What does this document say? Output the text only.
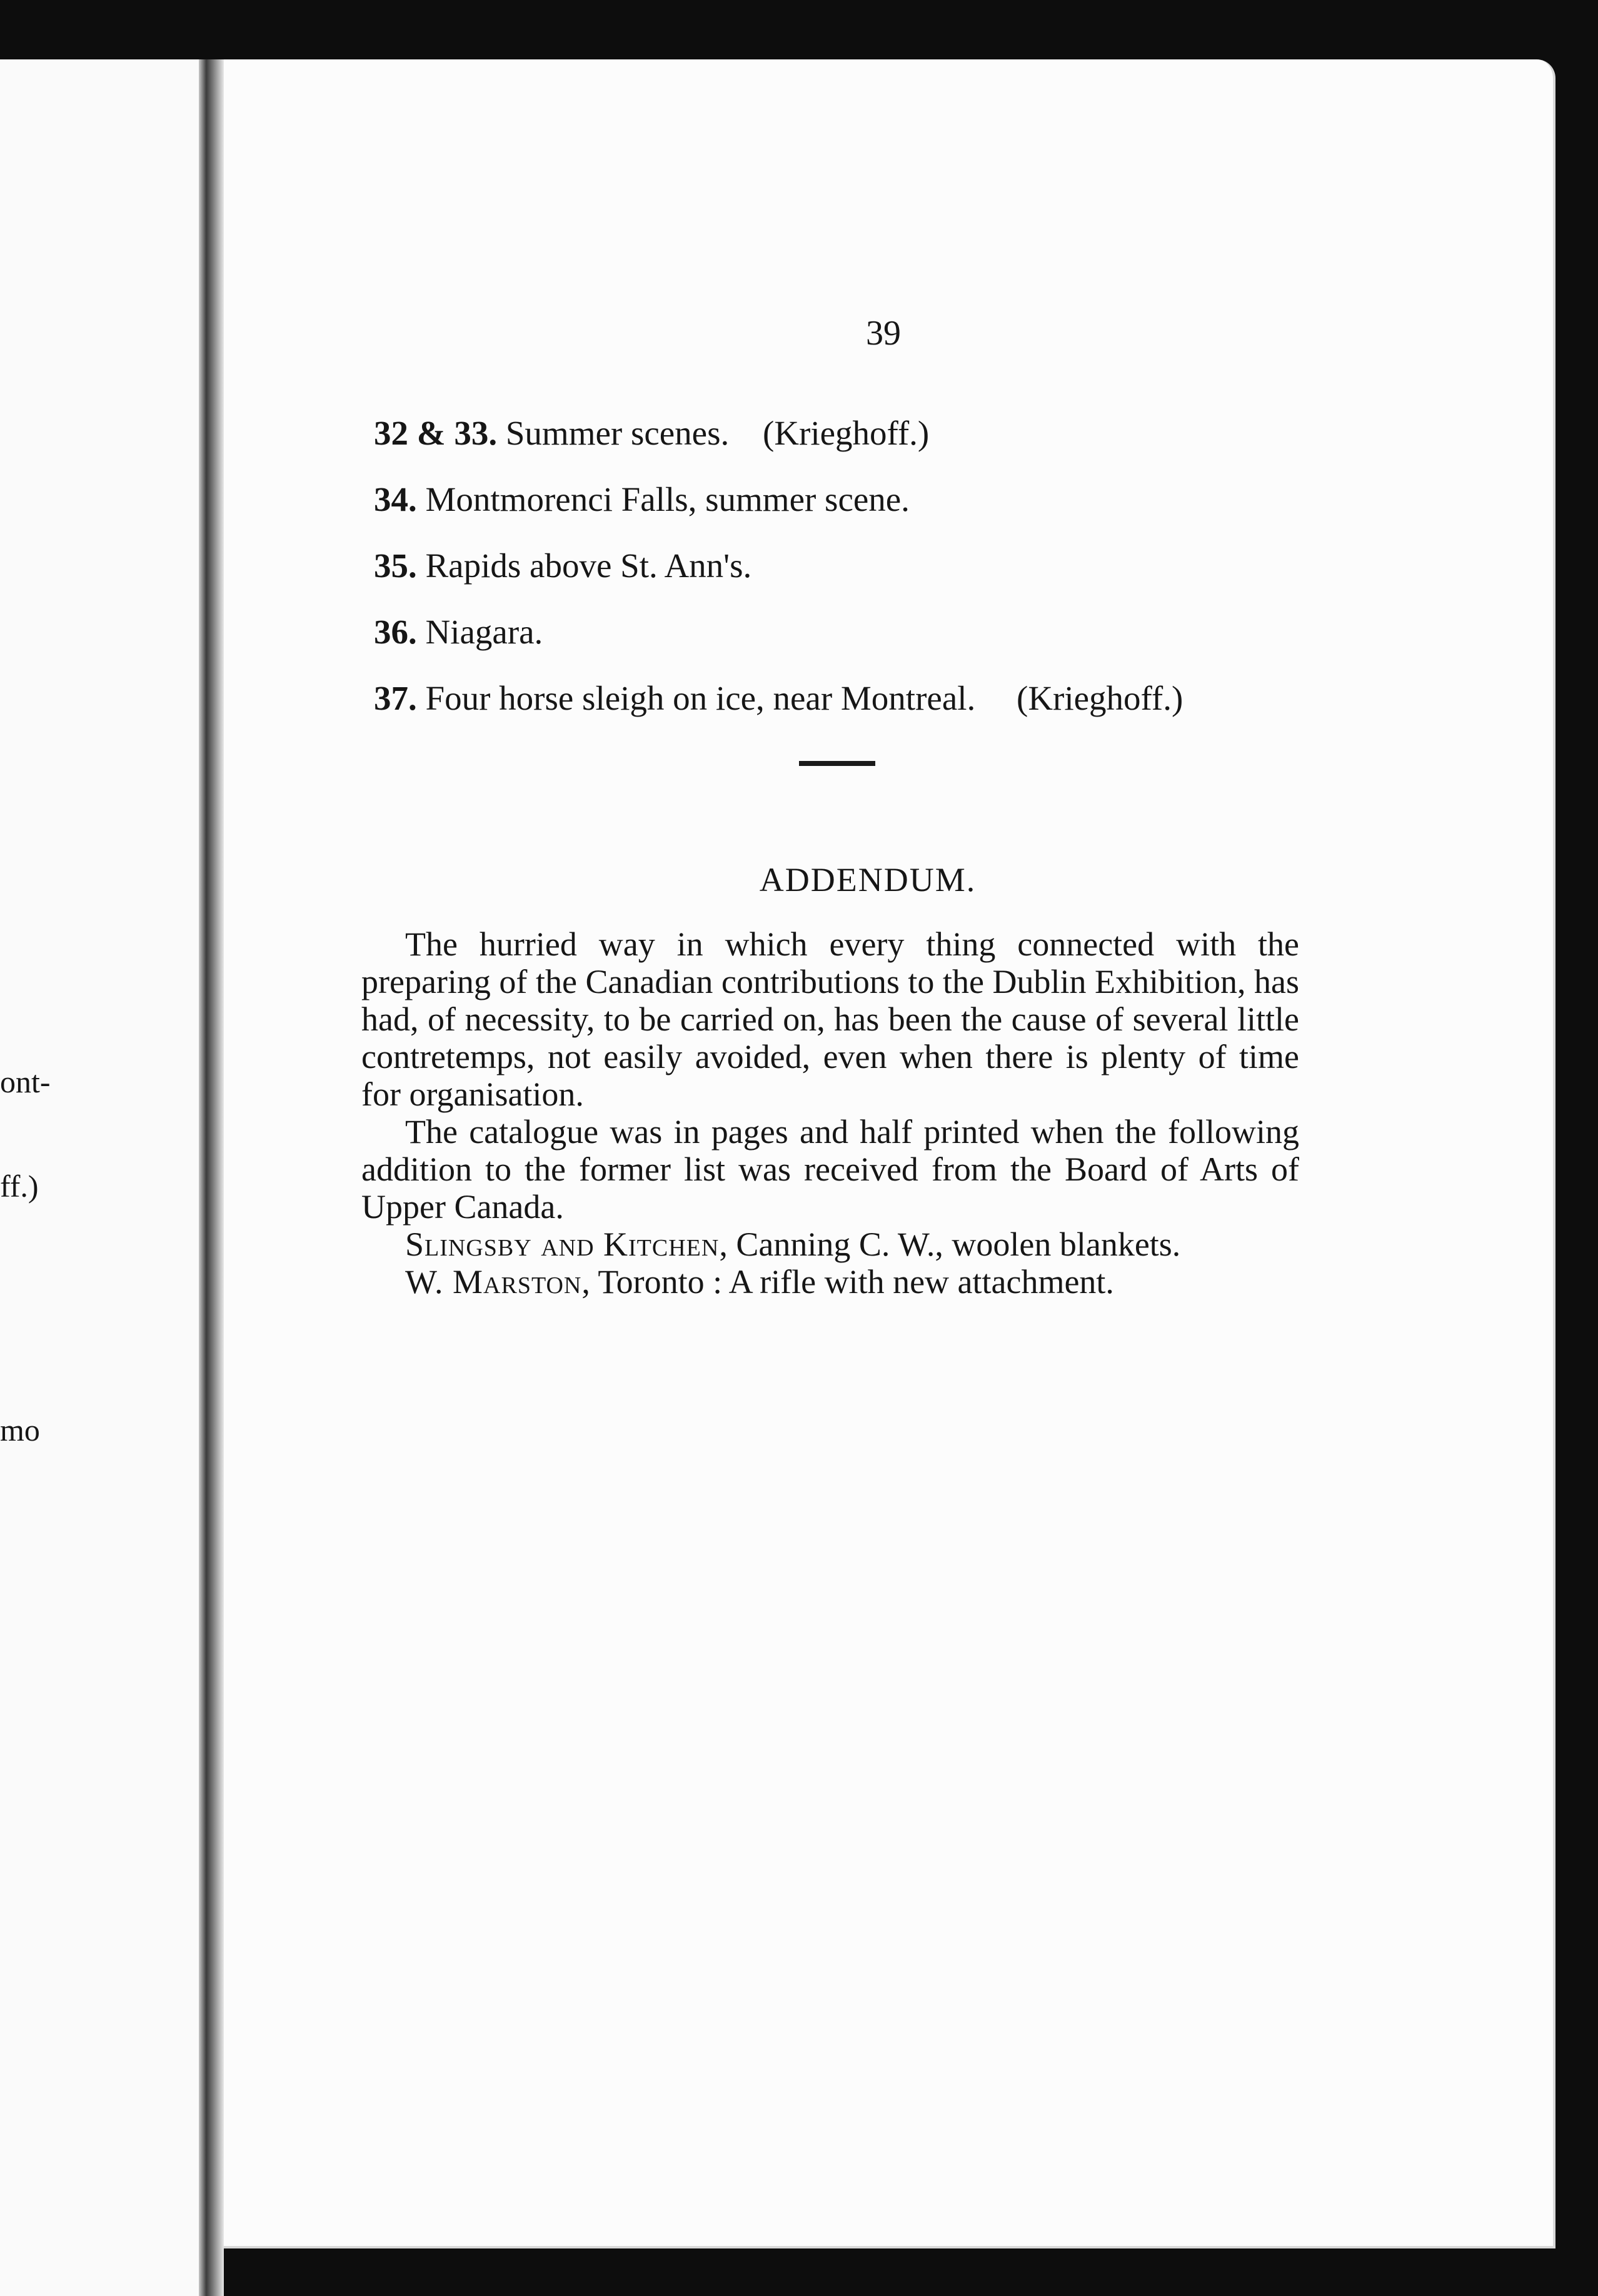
ont-
ff.)
mo
39
32 & 33. Summer scenes. (Krieghoff.)
34. Montmorenci Falls, summer scene.
35. Rapids above St. Ann's.
36. Niagara.
37. Four horse sleigh on ice, near Montreal. (Krieghoff.)
ADDENDUM.

The hurried way in which every thing connected with the preparing of the Canadian contributions to the Dublin Exhibition, has had, of necessity, to be carried on, has been the cause of several little contretemps, not easily avoided, even when there is plenty of time for organisation.

The catalogue was in pages and half printed when the following addition to the former list was received from the Board of Arts of Upper Canada.

Slingsby and Kitchen, Canning C. W., woolen blankets.

W. Marston, Toronto : A rifle with new attachment.
